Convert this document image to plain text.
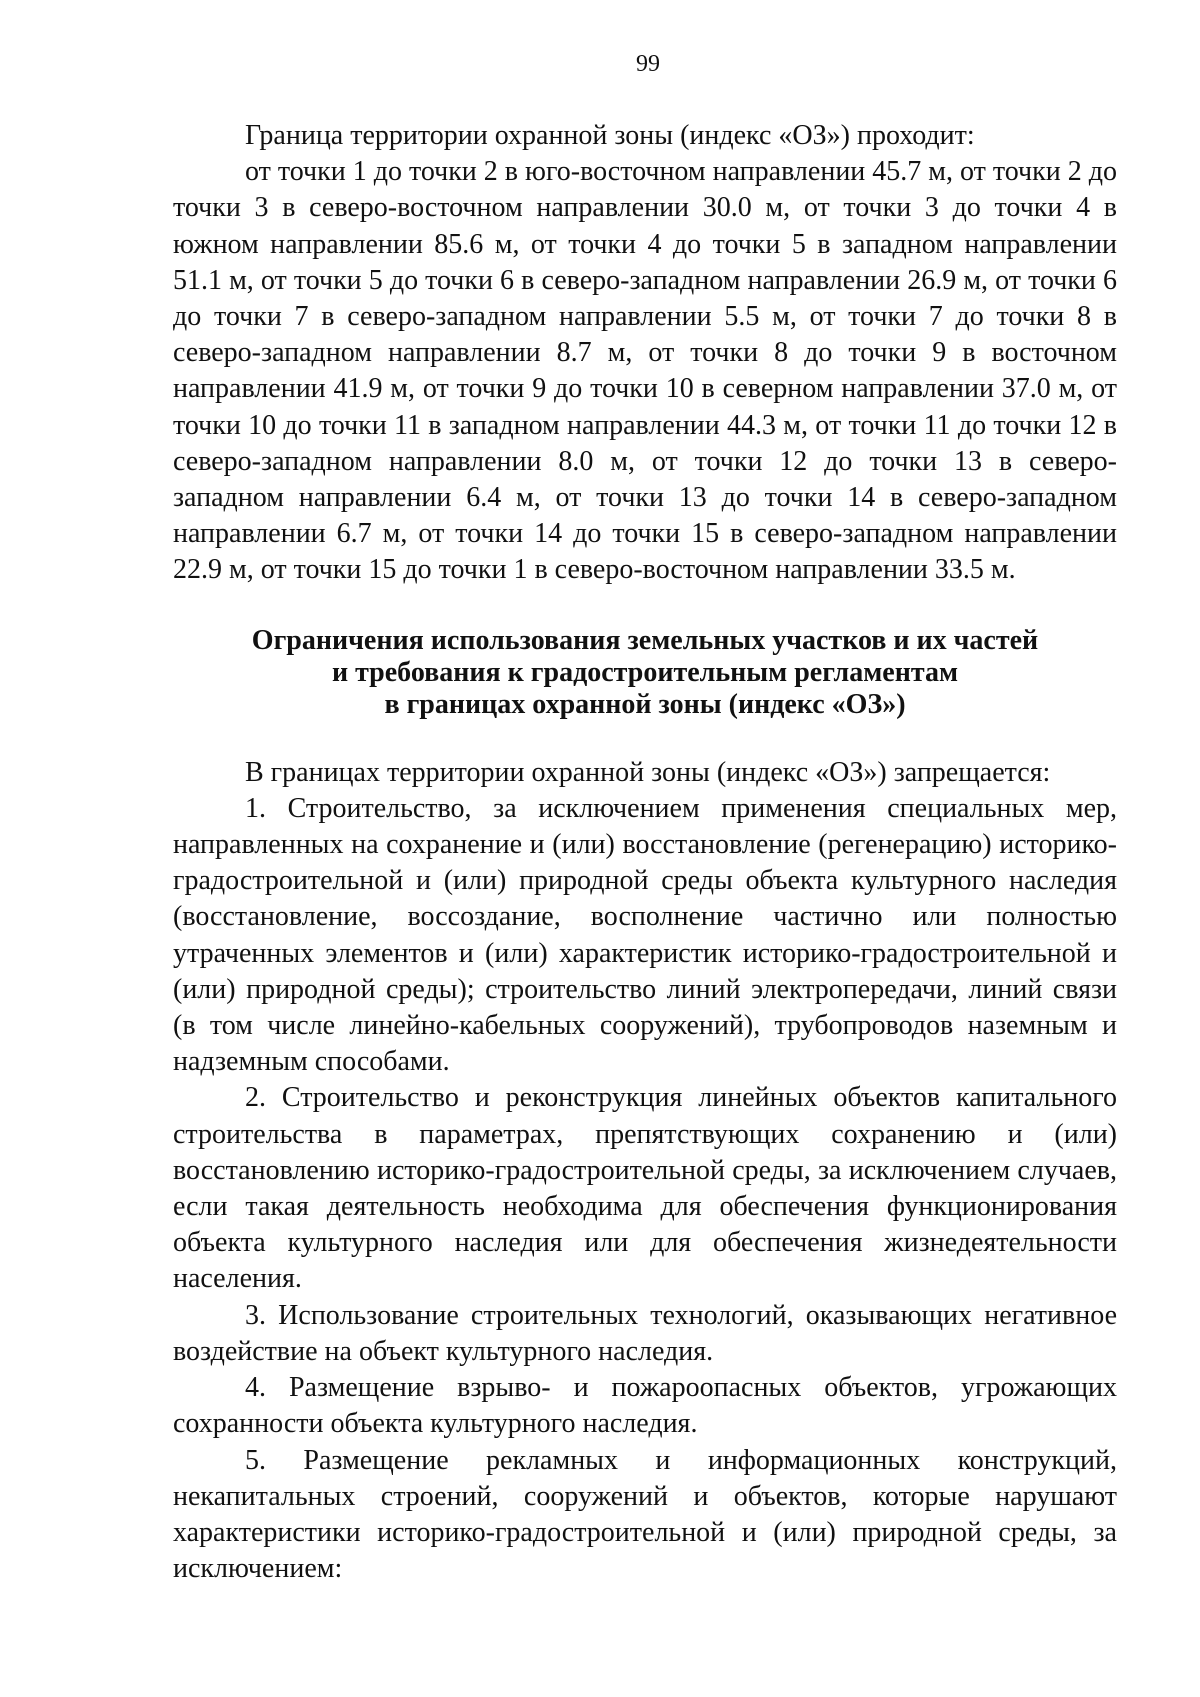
99

Граница территории охранной зоны (индекс «ОЗ») проходит:

от точки 1 до точки 2 в юго-восточном направлении 45.7 м, от точки 2 до точки 3 в северо-восточном направлении 30.0 м, от точки 3 до точки 4 в южном направлении 85.6 м, от точки 4 до точки 5 в западном направлении 51.1 м, от точки 5 до точки 6 в северо-западном направлении 26.9 м, от точки 6 до точки 7 в северо-западном направлении 5.5 м, от точки 7 до точки 8 в северо-западном направлении 8.7 м, от точки 8 до точки 9 в восточном направлении 41.9 м, от точки 9 до точки 10 в северном направлении 37.0 м, от точки 10 до точки 11 в западном направлении 44.3 м, от точки 11 до точки 12 в северо-западном направлении 8.0 м, от точки 12 до точки 13 в северо-западном направлении 6.4 м, от точки 13 до точки 14 в северо-западном направлении 6.7 м, от точки 14 до точки 15 в северо-западном направлении 22.9 м, от точки 15 до точки 1 в северо-восточном направлении 33.5 м.

Ограничения использования земельных участков и их частей
и требования к градостроительным регламентам
в границах охранной зоны (индекс «ОЗ»)

В границах территории охранной зоны (индекс «ОЗ») запрещается:

1. Строительство, за исключением применения специальных мер, направленных на сохранение и (или) восстановление (регенерацию) историко-градостроительной и (или) природной среды объекта культурного наследия (восстановление, воссоздание, восполнение частично или полностью утраченных элементов и (или) характеристик историко-градостроительной и (или) природной среды); строительство линий электропередачи, линий связи (в том числе линейно-кабельных сооружений), трубопроводов наземным и надземным способами.

2. Строительство и реконструкция линейных объектов капитального строительства в параметрах, препятствующих сохранению и (или) восстановлению историко-градостроительной среды, за исключением случаев, если такая деятельность необходима для обеспечения функционирования объекта культурного наследия или для обеспечения жизнедеятельности населения.

3. Использование строительных технологий, оказывающих негативное воздействие на объект культурного наследия.

4. Размещение взрыво- и пожароопасных объектов, угрожающих сохранности объекта культурного наследия.

5. Размещение рекламных и информационных конструкций, некапитальных строений, сооружений и объектов, которые нарушают характеристики историко-градостроительной и (или) природной среды, за исключением:
